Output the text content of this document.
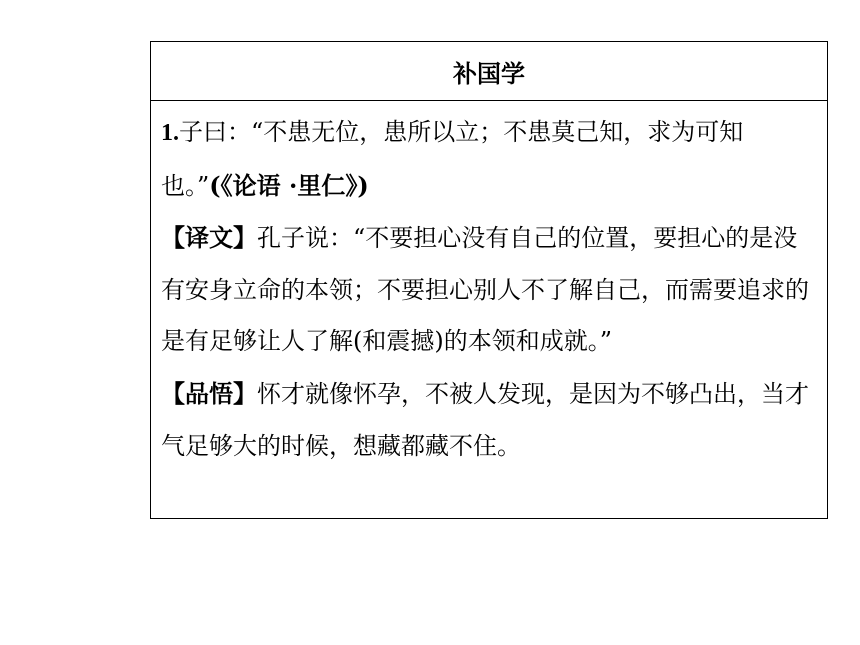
补国学

1.子曰：“不患无位，患所以立；不患莫己知，求为可知也。”(《论语 ·里仁》)

【译文】孔子说：“不要担心没有自己的位置，要担心的是没有安身立命的本领；不要担心别人不了解自己，而需要追求的是有足够让人了解(和震撼)的本领和成就。”

【品悟】怀才就像怀孕，不被人发现，是因为不够凸出，当才气足够大的时候，想藏都藏不住。
